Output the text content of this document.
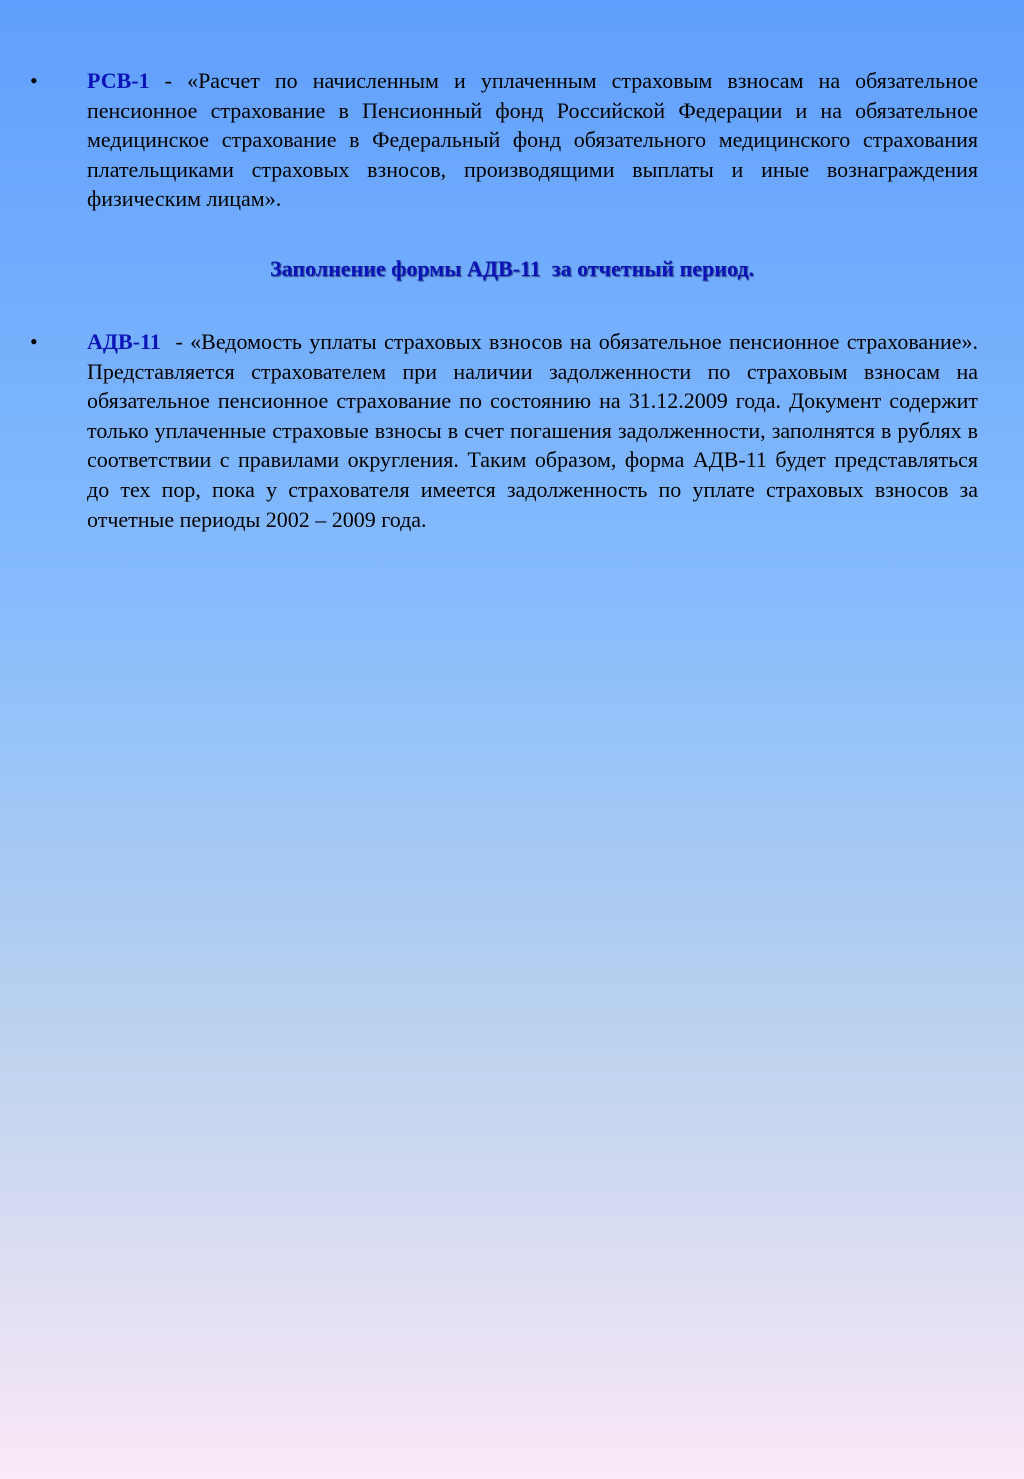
• РСВ-1 - «Расчет по начисленным и уплаченным страховым взносам на обязательное пенсионное страхование в Пенсионный фонд Российской Федерации и на обязательное медицинское страхование в Федеральный фонд обязательного медицинского страхования плательщиками страховых взносов, производящими выплаты и иные вознаграждения физическим лицам».
Заполнение формы АДВ-11  за отчетный период.
• АДВ-11  - «Ведомость уплаты страховых взносов на обязательное пенсионное страхование». Представляется страхователем при наличии задолженности по страховым взносам на обязательное пенсионное страхование по состоянию на 31.12.2009 года. Документ содержит только уплаченные страховые взносы в счет погашения задолженности, заполнятся в рублях в соответствии с правилами округления. Таким образом, форма АДВ-11 будет представляться до тех пор, пока у страхователя имеется задолженность по уплате страховых взносов за отчетные периоды 2002 – 2009 года.
